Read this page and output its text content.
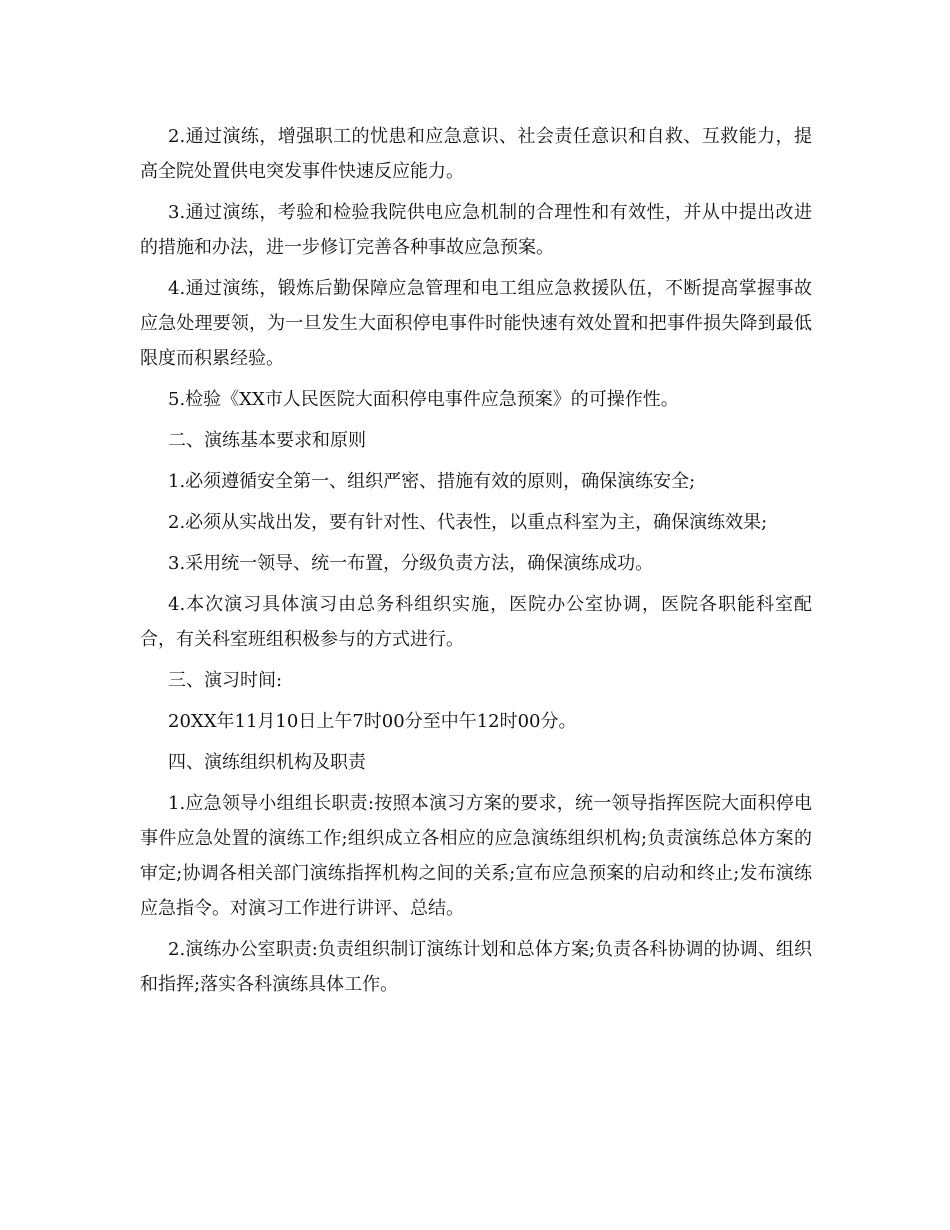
2.通过演练，增强职工的忧患和应急意识、社会责任意识和自救、互救能力，提高全院处置供电突发事件快速反应能力。

3.通过演练，考验和检验我院供电应急机制的合理性和有效性，并从中提出改进的措施和办法，进一步修订完善各种事故应急预案。

4.通过演练，锻炼后勤保障应急管理和电工组应急救援队伍，不断提高掌握事故应急处理要领，为一旦发生大面积停电事件时能快速有效处置和把事件损失降到最低限度而积累经验。

5.检验《XX市人民医院大面积停电事件应急预案》的可操作性。

二、演练基本要求和原则

1.必须遵循安全第一、组织严密、措施有效的原则，确保演练安全;

2.必须从实战出发，要有针对性、代表性，以重点科室为主，确保演练效果;

3.采用统一领导、统一布置，分级负责方法，确保演练成功。

4.本次演习具体演习由总务科组织实施，医院办公室协调，医院各职能科室配合，有关科室班组积极参与的方式进行。

三、演习时间:

20XX年11月10日上午7时00分至中午12时00分。

四、演练组织机构及职责

1.应急领导小组组长职责:按照本演习方案的要求，统一领导指挥医院大面积停电事件应急处置的演练工作;组织成立各相应的应急演练组织机构;负责演练总体方案的审定;协调各相关部门演练指挥机构之间的关系;宣布应急预案的启动和终止;发布演练应急指令。对演习工作进行讲评、总结。

2.演练办公室职责:负责组织制订演练计划和总体方案;负责各科协调的协调、组织和指挥;落实各科演练具体工作。
